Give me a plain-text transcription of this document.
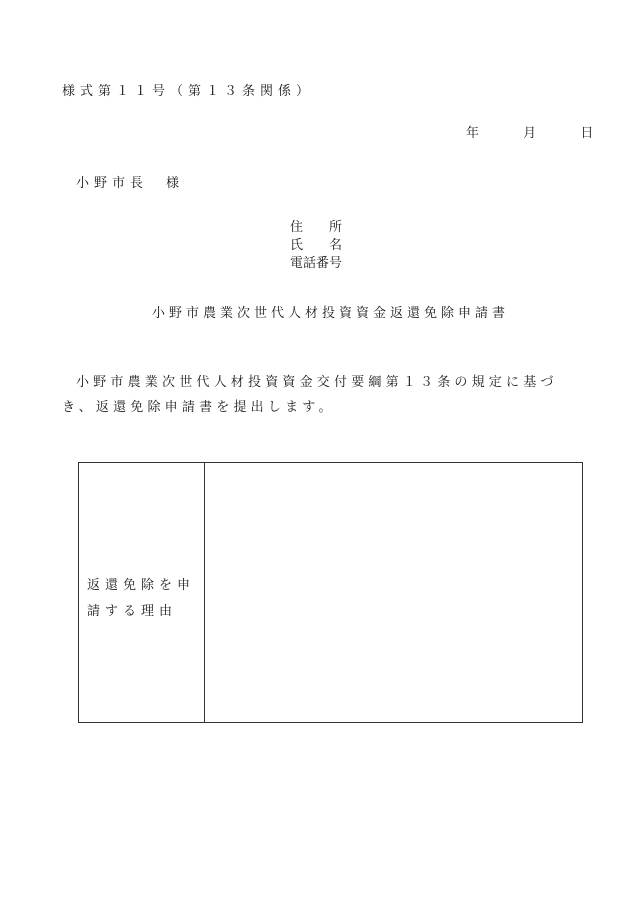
様式第１１号（第１３条関係）
年	月	日
小野市長　様
住　　所
氏　　名
電話番号
小野市農業次世代人材投資資金返還免除申請書
小野市農業次世代人材投資資金交付要綱第１３条の規定に基づき、返還免除申請書を提出します。
返還免除を申請する理由
